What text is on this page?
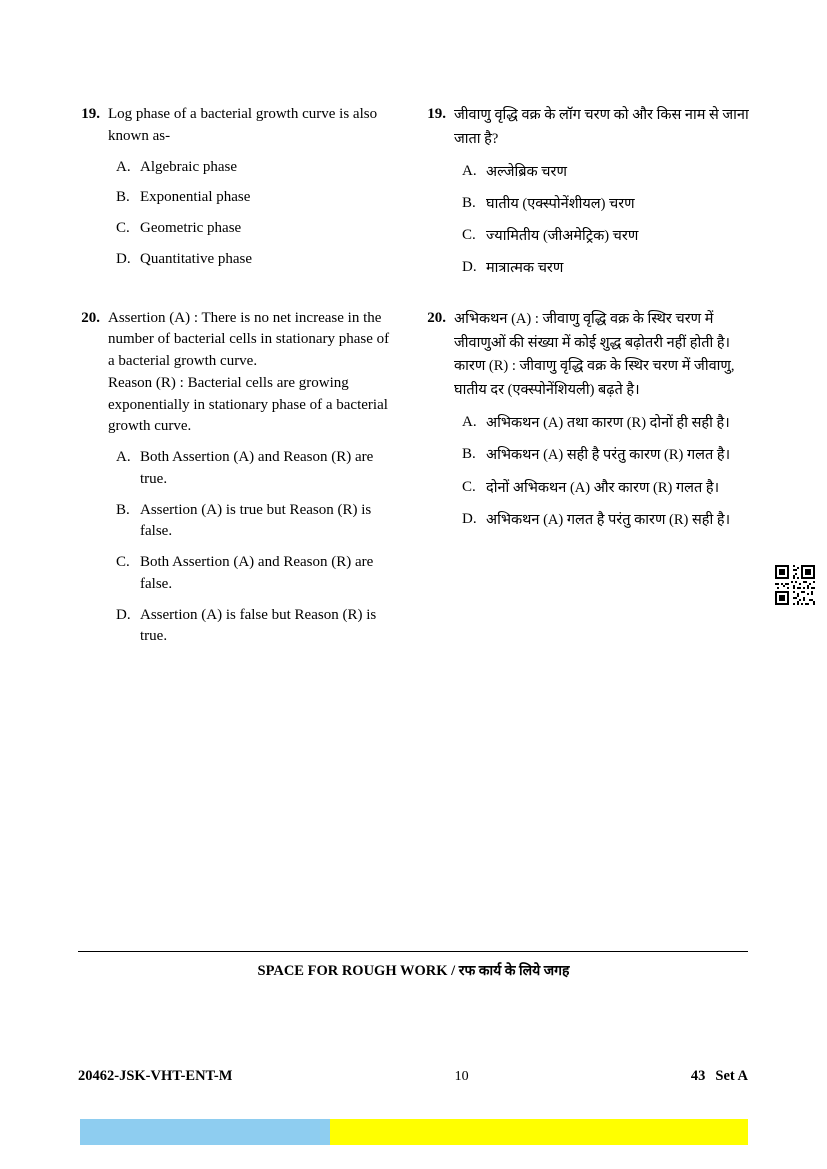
19. Log phase of a bacterial growth curve is also known as-
A. Algebraic phase
B. Exponential phase
C. Geometric phase
D. Quantitative phase
19. जीवाणु वृद्धि वक्र के लॉग चरण को और किस नाम से जाना जाता है?
A. अल्जेब्रिक चरण
B. घातीय (एक्स्पोनेंशीयल) चरण
C. ज्यामितीय (जीअमेट्रिक) चरण
D. मात्रात्मक चरण
20. Assertion (A) : There is no net increase in the number of bacterial cells in stationary phase of a bacterial growth curve.

Reason (R) : Bacterial cells are growing exponentially in stationary phase of a bacterial growth curve.

A. Both Assertion (A) and Reason (R) are true.
B. Assertion (A) is true but Reason (R) is false.
C. Both Assertion (A) and Reason (R) are false.
D. Assertion (A) is false but Reason (R) is true.
20. अभिकथन (A) : जीवाणु वृद्धि वक्र के स्थिर चरण में जीवाणुओं की संख्या में कोई शुद्ध बढ़ोतरी नहीं होती है।

कारण (R) : जीवाणु वृद्धि वक्र के स्थिर चरण में जीवाणु, घातीय दर (एक्स्पोनेंशियली) बढ़ते है।

A. अभिकथन (A) तथा कारण (R) दोनों ही सही है।
B. अभिकथन (A) सही है परंतु कारण (R) गलत है।
C. दोनों अभिकथन (A) और कारण (R) गलत है।
D. अभिकथन (A) गलत है परंतु कारण (R) सही है।
SPACE FOR ROUGH WORK / रफ कार्य के लिये जगह
20462-JSK-VHT-ENT-M	10	43 Set A
